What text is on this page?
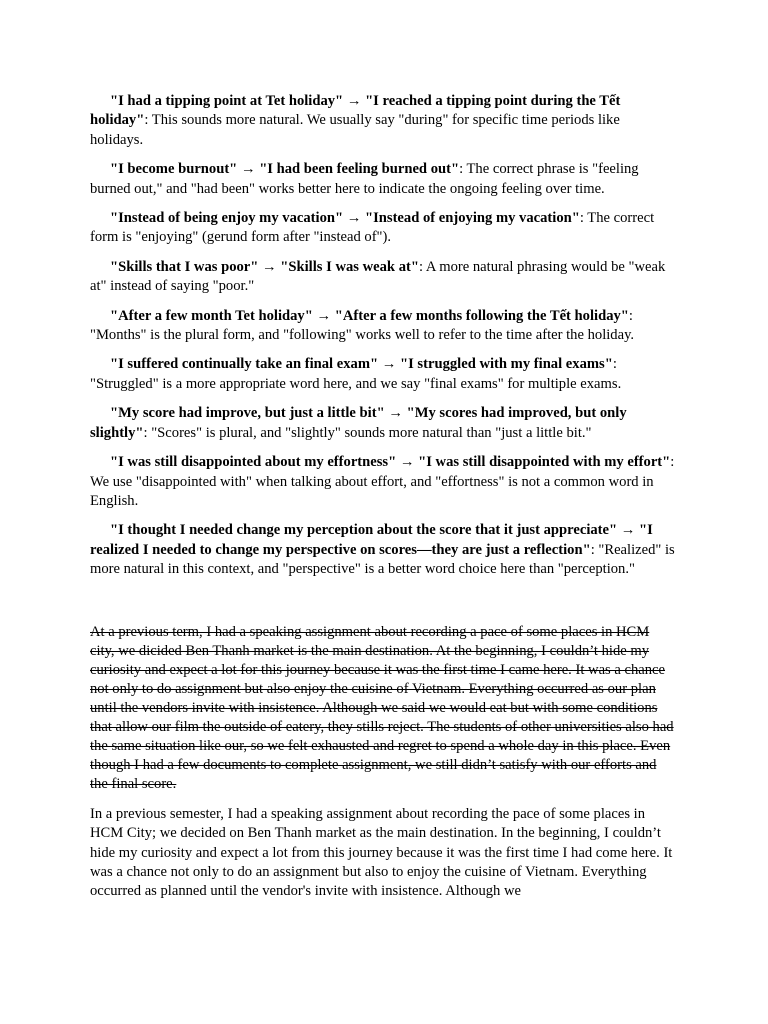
"I had a tipping point at Tet holiday" → "I reached a tipping point during the Tết holiday": This sounds more natural. We usually say "during" for specific time periods like holidays.

"I become burnout" → "I had been feeling burned out": The correct phrase is "feeling burned out," and "had been" works better here to indicate the ongoing feeling over time.

"Instead of being enjoy my vacation" → "Instead of enjoying my vacation": The correct form is "enjoying" (gerund form after "instead of").

"Skills that I was poor" → "Skills I was weak at": A more natural phrasing would be "weak at" instead of saying "poor."

"After a few month Tet holiday" → "After a few months following the Tết holiday": "Months" is the plural form, and "following" works well to refer to the time after the holiday.

"I suffered continually take an final exam" → "I struggled with my final exams": "Struggled" is a more appropriate word here, and we say "final exams" for multiple exams.

"My score had improve, but just a little bit" → "My scores had improved, but only slightly": "Scores" is plural, and "slightly" sounds more natural than "just a little bit."

"I was still disappointed about my effortness" → "I was still disappointed with my effort": We use "disappointed with" when talking about effort, and "effortness" is not a common word in English.

"I thought I needed change my perception about the score that it just appreciate" → "I realized I needed to change my perspective on scores—they are just a reflection": "Realized" is more natural in this context, and "perspective" is a better word choice here than "perception."

At a previous term, I had a speaking assignment about recording a pace of some places in HCM city, we dicided Ben Thanh market is the main destination. At the beginning, I couldn’t hide my curiosity and expect a lot for this journey because it was the first time I came here. It was a chance not only to do assignment but also enjoy the cuisine of Vietnam. Everything occurred as our plan until the vendors invite with insistence. Although we said we would eat but with some conditions that allow our film the outside of eatery, they stills reject. The students of other universities also had the same situation like our, so we felt exhausted and regret to spend a whole day in this place. Even though I had a few documents to complete assignment, we still didn’t satisfy with our efforts and the final score.

In a previous semester, I had a speaking assignment about recording the pace of some places in HCM City; we decided on Ben Thanh market as the main destination. In the beginning, I couldn’t hide my curiosity and expect a lot from this journey because it was the first time I had come here. It was a chance not only to do an assignment but also to enjoy the cuisine of Vietnam. Everything occurred as planned until the vendor's invite with insistence. Although we
